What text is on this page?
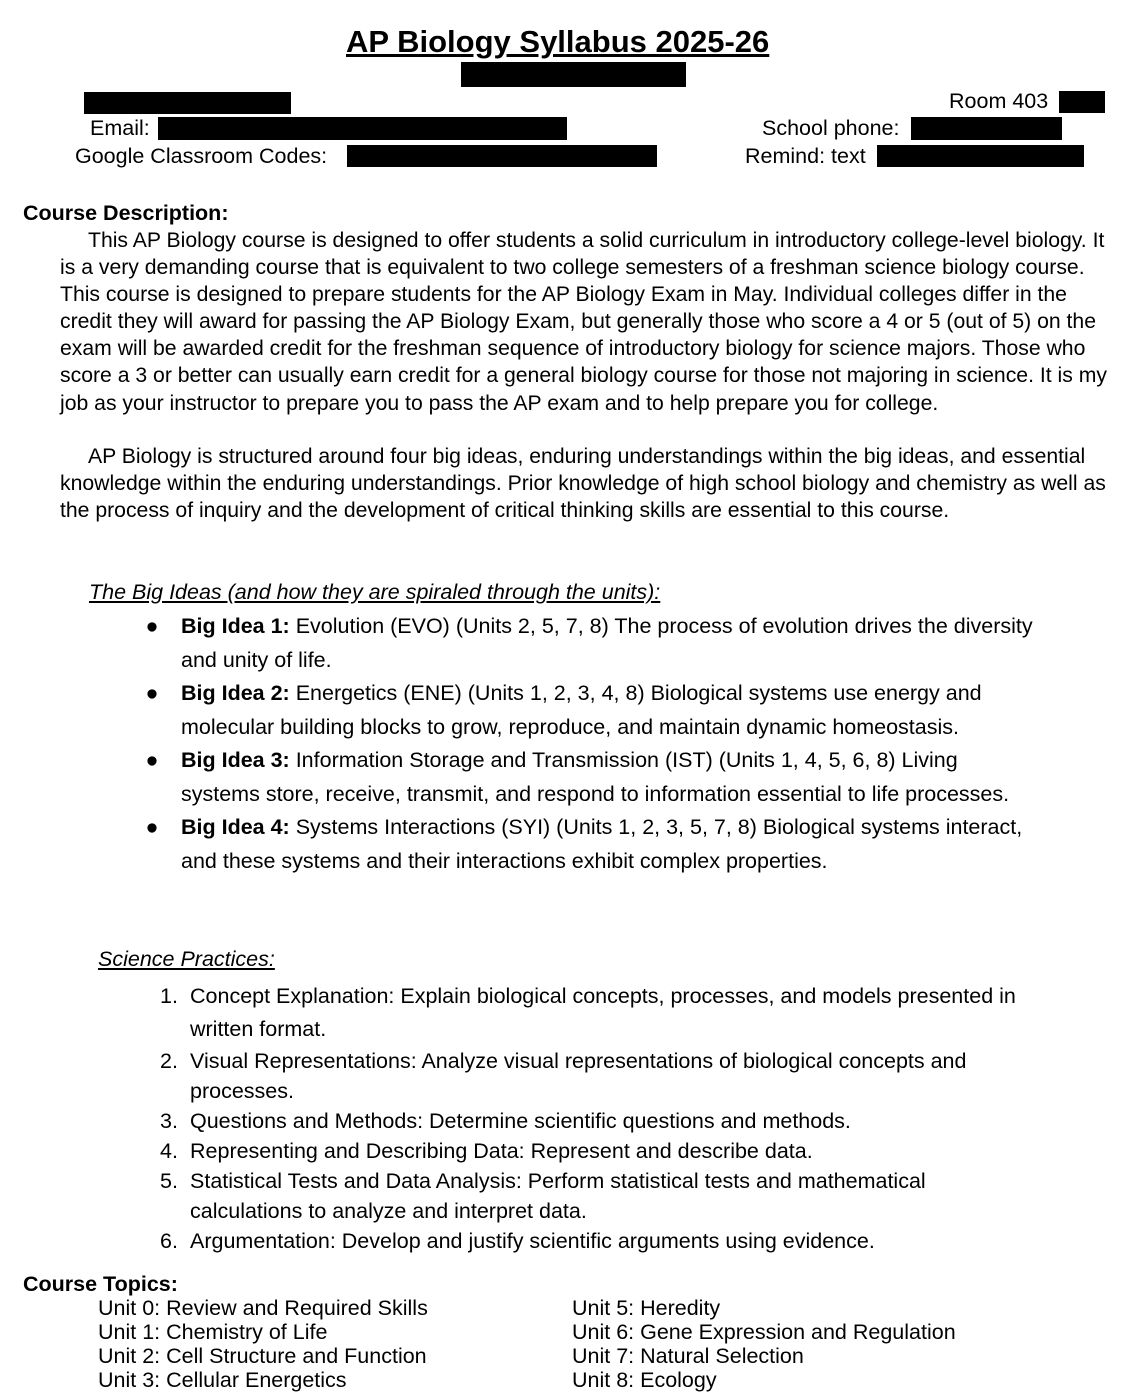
AP Biology Syllabus 2025-26
Room 403
Email:	School phone:
Google Classroom Codes:	Remind: text
Course Description:
This AP Biology course is designed to offer students a solid curriculum in introductory college-level biology. It is a very demanding course that is equivalent to two college semesters of a freshman science biology course. This course is designed to prepare students for the AP Biology Exam in May. Individual colleges differ in the credit they will award for passing the AP Biology Exam, but generally those who score a 4 or 5 (out of 5) on the exam will be awarded credit for the freshman sequence of introductory biology for science majors. Those who score a 3 or better can usually earn credit for a general biology course for those not majoring in science. It is my job as your instructor to prepare you to pass the AP exam and to help prepare you for college.
AP Biology is structured around four big ideas, enduring understandings within the big ideas, and essential knowledge within the enduring understandings. Prior knowledge of high school biology and chemistry as well as the process of inquiry and the development of critical thinking skills are essential to this course.
The Big Ideas (and how they are spiraled through the units):
● Big Idea 1: Evolution (EVO) (Units 2, 5, 7, 8) The process of evolution drives the diversity and unity of life.
● Big Idea 2: Energetics (ENE) (Units 1, 2, 3, 4, 8) Biological systems use energy and molecular building blocks to grow, reproduce, and maintain dynamic homeostasis.
● Big Idea 3: Information Storage and Transmission (IST) (Units 1, 4, 5, 6, 8) Living systems store, receive, transmit, and respond to information essential to life processes.
● Big Idea 4: Systems Interactions (SYI) (Units 1, 2, 3, 5, 7, 8) Biological systems interact, and these systems and their interactions exhibit complex properties.
Science Practices:
1. Concept Explanation: Explain biological concepts, processes, and models presented in written format.
2. Visual Representations: Analyze visual representations of biological concepts and processes.
3. Questions and Methods: Determine scientific questions and methods.
4. Representing and Describing Data: Represent and describe data.
5. Statistical Tests and Data Analysis: Perform statistical tests and mathematical calculations to analyze and interpret data.
6. Argumentation: Develop and justify scientific arguments using evidence.
Course Topics:
Unit 0: Review and Required Skills
Unit 1: Chemistry of Life
Unit 2: Cell Structure and Function
Unit 3: Cellular Energetics
Unit 5: Heredity
Unit 6: Gene Expression and Regulation
Unit 7: Natural Selection
Unit 8: Ecology
